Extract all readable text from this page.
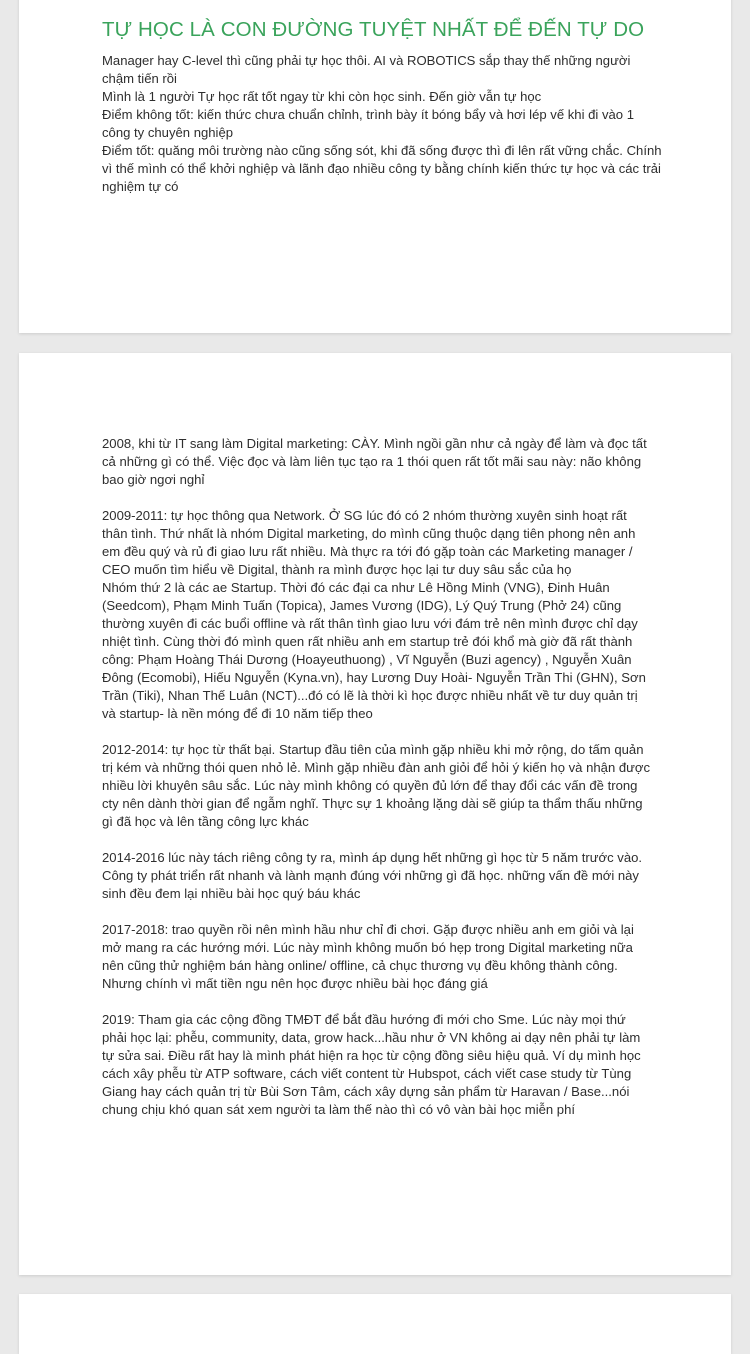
TỰ HỌC LÀ CON ĐƯỜNG TUYỆT NHẤT ĐỂ ĐẾN TỰ DO

Manager hay C-level thì cũng phải tự học thôi. AI và ROBOTICS sắp thay thế những người chậm tiến rồi

Mình là 1 người Tự học rất tốt ngay từ khi còn học sinh. Đến giờ vẫn tự học

Điểm không tốt: kiến thức chưa chuẩn chỉnh, trình bày ít bóng bẩy và hơi lép vế khi đi vào 1 công ty chuyên nghiệp

Điểm tốt: quăng môi trường nào cũng sống sót, khi đã sống được thì đi lên rất vững chắc. Chính vì thế mình có thể khởi nghiệp và lãnh đạo nhiều công ty bằng chính kiến thức tự học và các trải nghiệm tự có

2008, khi từ IT sang làm Digital marketing: CÀY. Mình ngồi gần như cả ngày để làm và đọc tất cả những gì có thể. Việc đọc và làm liên tục tạo ra 1 thói quen rất tốt mãi sau này: não không bao giờ ngơi nghỉ

2009-2011: tự học thông qua Network. Ở SG lúc đó có 2 nhóm thường xuyên sinh hoạt rất thân tình. Thứ nhất là nhóm Digital marketing, do mình cũng thuộc dạng tiên phong nên anh em đều quý và rủ đi giao lưu rất nhiều. Mà thực ra tới đó gặp toàn các Marketing manager / CEO muốn tìm hiểu về Digital, thành ra mình được học lại tư duy sâu sắc của họ

Nhóm thứ 2 là các ae Startup. Thời đó các đại ca như Lê Hồng Minh (VNG), Đinh Huân (Seedcom), Phạm Minh Tuấn (Topica), James Vương (IDG), Lý Quý Trung (Phở 24) cũng thường xuyên đi các buổi offline và rất thân tình giao lưu với đám trẻ nên mình được chỉ dạy nhiệt tình. Cùng thời đó mình quen rất nhiều anh em startup trẻ đói khổ mà giờ đã rất thành công: Phạm Hoàng Thái Dương (Hoayeuthuong) , Vĩ Nguyễn (Buzi agency) , Nguyễn Xuân Đông (Ecomobi), Hiếu Nguyễn (Kyna.vn), hay Lương Duy Hoài- Nguyễn Trần Thi (GHN), Sơn Trần (Tiki), Nhan Thế Luân (NCT)...đó có lẽ là thời kì học được nhiều nhất về tư duy quản trị và startup- là nền móng để đi 10 năm tiếp theo

2012-2014: tự học từ thất bại. Startup đầu tiên của mình gặp nhiều khi mở rộng, do tấm quản trị kém và những thói quen nhỏ lẻ. Mình gặp nhiều đàn anh giỏi để hỏi ý kiến họ và nhận được nhiều lời khuyên sâu sắc. Lúc này mình không có quyền đủ lớn để thay đổi các vấn đề trong cty nên dành thời gian để ngẫm nghĩ. Thực sự 1 khoảng lặng dài sẽ giúp ta thẩm thấu những gì đã học và lên tầng công lực khác

2014-2016 lúc này tách riêng công ty ra, mình áp dụng hết những gì học từ 5 năm trước vào. Công ty phát triển rất nhanh và lành mạnh đúng với những gì đã học. những vấn đề mới này sinh đều đem lại nhiều bài học quý báu khác

2017-2018: trao quyền rồi nên mình hầu như chỉ đi chơi. Gặp được nhiều anh em giỏi và lại mở mang ra các hướng mới. Lúc này mình không muốn bó hẹp trong Digital marketing nữa nên cũng thử nghiệm bán hàng online/ offline, cả chục thương vụ đều không thành công. Nhưng chính vì mất tiền ngu nên học được nhiều bài học đáng giá

2019: Tham gia các cộng đồng TMĐT để bắt đầu hướng đi mới cho Sme. Lúc này mọi thứ phải học lại: phễu, community, data, grow hack...hầu như ở VN không ai dạy nên phải tự làm tự sửa sai. Điều rất hay là mình phát hiện ra học từ cộng đồng siêu hiệu quả. Ví dụ mình học cách xây phễu từ ATP software, cách viết content từ Hubspot, cách viết case study từ Tùng Giang hay cách quản trị từ Bùi Sơn Tâm, cách xây dựng sản phẩm từ Haravan / Base...nói chung chịu khó quan sát xem người ta làm thế nào thì có vô vàn bài học miễn phí
